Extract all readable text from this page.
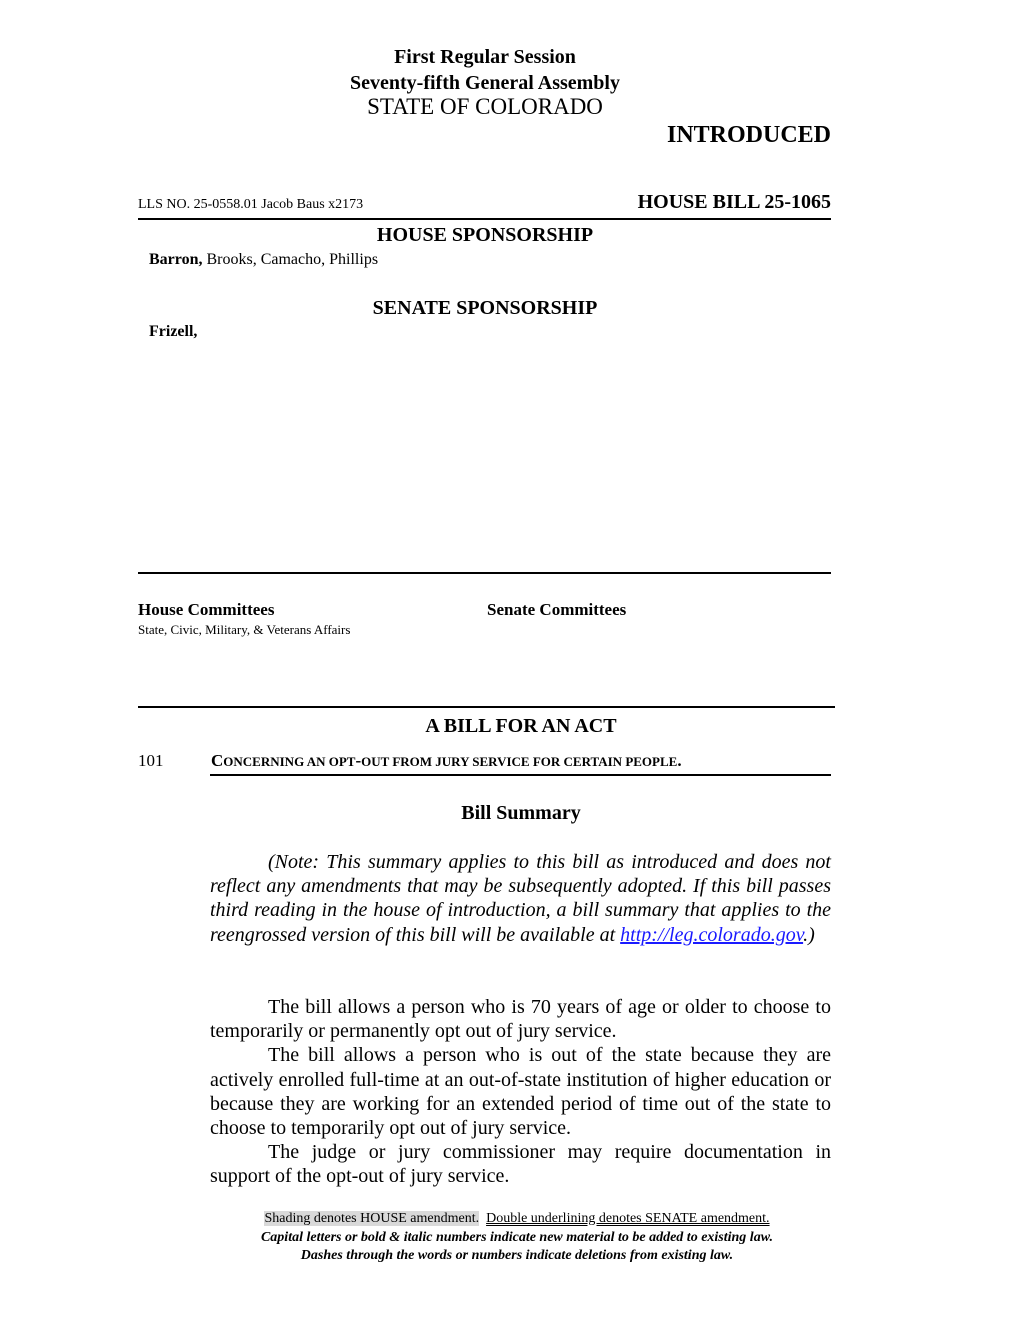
First Regular Session
Seventy-fifth General Assembly
STATE OF COLORADO
INTRODUCED
LLS NO. 25-0558.01 Jacob Baus x2173	HOUSE BILL 25-1065
HOUSE SPONSORSHIP
Barron, Brooks, Camacho, Phillips
SENATE SPONSORSHIP
Frizell,
House Committees
State, Civic, Military, & Veterans Affairs
Senate Committees
A BILL FOR AN ACT
101	CONCERNING AN OPT-OUT FROM JURY SERVICE FOR CERTAIN PEOPLE.
Bill Summary

(Note: This summary applies to this bill as introduced and does not reflect any amendments that may be subsequently adopted. If this bill passes third reading in the house of introduction, a bill summary that applies to the reengrossed version of this bill will be available at http://leg.colorado.gov.)

The bill allows a person who is 70 years of age or older to choose to temporarily or permanently opt out of jury service.

The bill allows a person who is out of the state because they are actively enrolled full-time at an out-of-state institution of higher education or because they are working for an extended period of time out of the state to choose to temporarily opt out of jury service.

The judge or jury commissioner may require documentation in support of the opt-out of jury service.

Shading denotes HOUSE amendment. Double underlining denotes SENATE amendment.
Capital letters or bold & italic numbers indicate new material to be added to existing law.
Dashes through the words or numbers indicate deletions from existing law.
